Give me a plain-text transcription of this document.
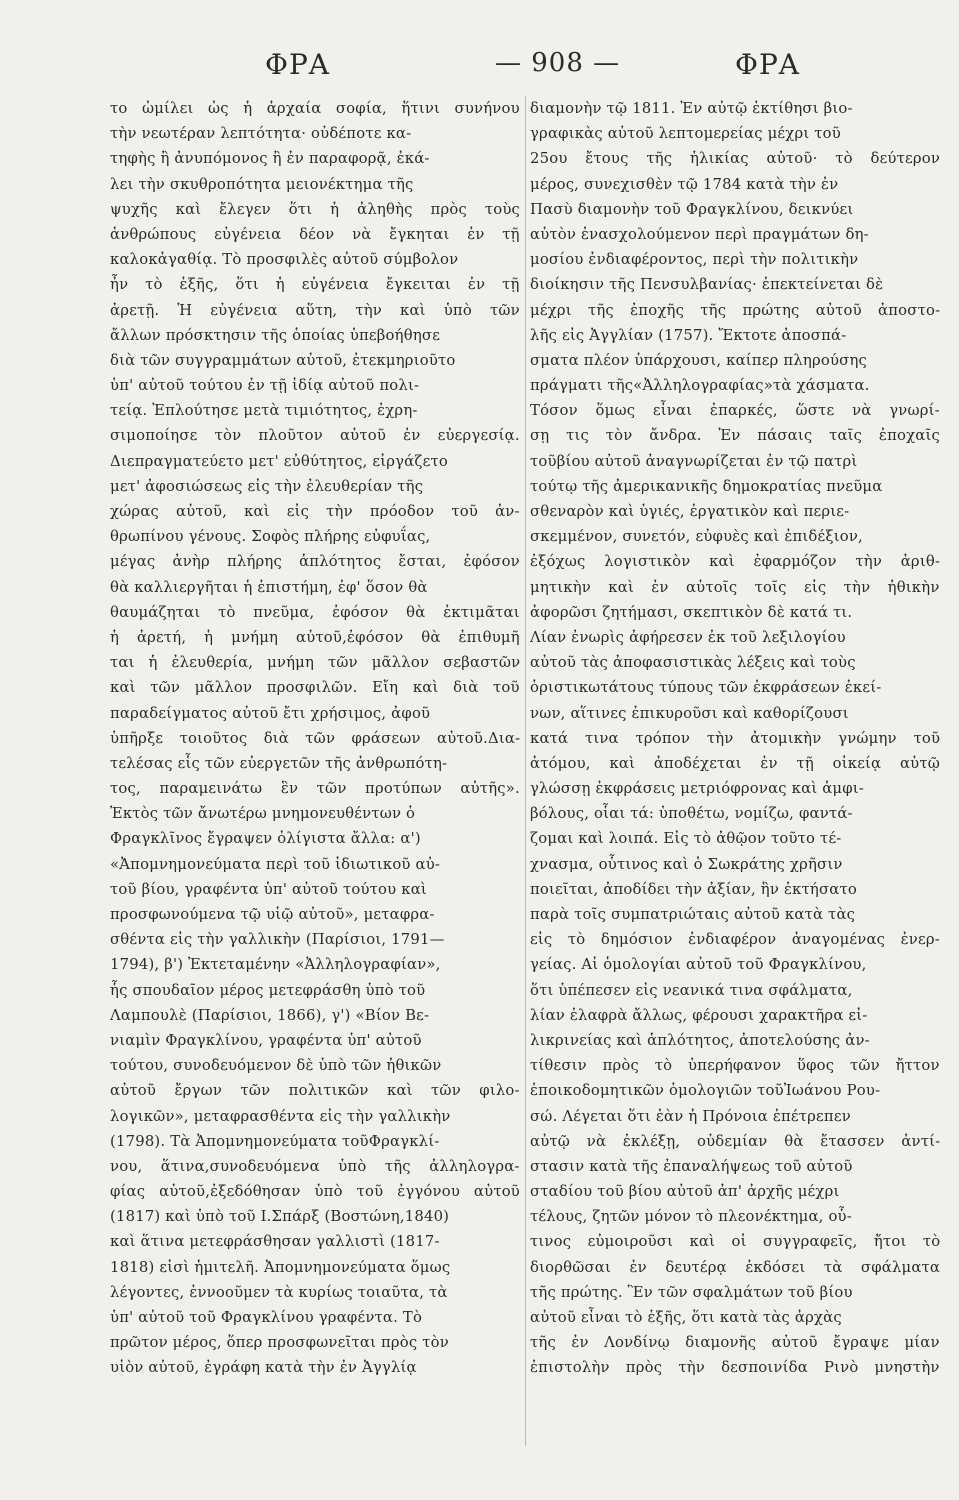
ΦΡΑ	— 908 —	ΦΡΑ
το ὡμίλει ὡς ἡ ἀρχαία σοφία, ἥτινι συνήνου
τὴν νεωτέραν λεπτότητα· οὐδέποτε κα-
τηφὴς ἢ ἀνυπόμονος ἢ ἐν παραφορᾷ, ἐκά-
λει τὴν σκυθροπότητα μειονέκτημα τῆς
ψυχῆς καὶ ἔλεγεν ὅτι ἡ ἀληθὴς πρὸς τοὺς
ἀνθρώπους εὐγένεια δέον νὰ ἔγκηται ἐν τῇ
καλοκἀγαθίᾳ. Τὸ προσφιλὲς αὐτοῦ σύμβολον
ἦν τὸ ἑξῆς, ὅτι ἡ εὐγένεια ἔγκειται ἐν τῇ
ἀρετῇ. Ἡ εὐγένεια αὕτη, τὴν καὶ ὑπὸ τῶν
ἄλλων πρόσκτησιν τῆς ὁποίας ὑπεβοήθησε
διὰ τῶν συγγραμμάτων αὐτοῦ, ἐτεκμηριοῦτο
ὑπ' αὐτοῦ τούτου ἐν τῇ ἰδίᾳ αὐτοῦ πολι-
τείᾳ. Ἐπλούτησε μετὰ τιμιότητος, ἐχρη-
σιμοποίησε τὸν πλοῦτον αὐτοῦ ἐν εὐεργεσίᾳ.
Διεπραγματεύετο μετ' εὐθύτητος, εἰργάζετο
μετ' ἀφοσιώσεως εἰς τὴν ἐλευθερίαν τῆς
χώρας αὐτοῦ, καὶ εἰς τὴν πρόοδον τοῦ ἀν-
θρωπίνου γένους. Σοφὸς πλήρης εὐφυΐας,
μέγας ἀνὴρ πλήρης ἁπλότητος ἔσται, ἐφόσον
θὰ καλλιεργῆται ἡ ἐπιστήμη, ἐφ' ὅσον θὰ
θαυμάζηται τὸ πνεῦμα, ἐφόσον θὰ ἐκτιμᾶται
ἡ ἀρετή, ἡ μνήμη αὐτοῦ,ἐφόσον θὰ ἐπιθυμῆ
ται ἡ ἐλευθερία, μνήμη τῶν μᾶλλον σεβαστῶν
καὶ τῶν μᾶλλον προσφιλῶν. Εἴη καὶ διὰ τοῦ
παραδείγματος αὐτοῦ ἔτι χρήσιμος, ἀφοῦ
ὑπῆρξε τοιοῦτος διὰ τῶν φράσεων αὐτοῦ.Δια-
τελέσας εἷς τῶν εὐεργετῶν τῆς ἀνθρωπότη-
τος, παραμεινάτω ἓν τῶν προτύπων αὐτῆς».
Ἐκτὸς τῶν ἄνωτέρω μνημονευθέντων ὁ
Φραγκλῖνος ἔγραψεν ὀλίγιστα ἄλλα: α')
«Ἀπομνημονεύματα περὶ τοῦ ἰδιωτικοῦ αὐ-
τοῦ βίου, γραφέντα ὑπ' αὐτοῦ τούτου καὶ
προσφωνούμενα τῷ υἱῷ αὐτοῦ», μεταφρα-
σθέντα εἰς τὴν γαλλικὴν (Παρίσιοι, 1791—
1794), β') Ἐκτεταμένην «Ἀλληλογραφίαν»,
ἧς σπουδαῖον μέρος μετεφράσθη ὑπὸ τοῦ
Λαμπουλὲ (Παρίσιοι, 1866), γ') «Βίον Βε-
νιαμὶν Φραγκλίνου, γραφέντα ὑπ' αὐτοῦ
τούτου, συνοδευόμενον δὲ ὑπὸ τῶν ἠθικῶν
αὐτοῦ ἔργων τῶν πολιτικῶν καὶ τῶν φιλο-
λογικῶν», μεταφρασθέντα εἰς τὴν γαλλικὴν
(1798). Τὰ Ἀπομνημονεύματα τοῦΦραγκλί-
νου, ἅτινα,συνοδευόμενα ὑπὸ τῆς ἀλληλογρα-
φίας αὐτοῦ,ἐξεδόθησαν ὑπὸ τοῦ ἐγγόνου αὐτοῦ
(1817) καὶ ὑπὸ τοῦ Ι.Σπάρξ (Βοστώνη,1840)
καὶ ἅτινα μετεφράσθησαν γαλλιστὶ (1817-
1818) εἰσὶ ἡμιτελῆ. Ἀπομνημονεύματα ὅμως
λέγοντες, ἐννοοῦμεν τὰ κυρίως τοιαῦτα, τὰ
ὑπ' αὐτοῦ τοῦ Φραγκλίνου γραφέντα. Τὸ
πρῶτον μέρος, ὅπερ προσφωνεῖται πρὸς τὸν
υἱὸν αὐτοῦ, ἐγράφη κατὰ τὴν ἐν Ἀγγλίᾳ
διαμονὴν τῷ 1811. Ἐν αὐτῷ ἐκτίθησι βιο-
γραφικὰς αὐτοῦ λεπτομερείας μέχρι τοῦ
25ου ἔτους τῆς ἡλικίας αὐτοῦ· τὸ δεύτερον
μέρος, συνεχισθὲν τῷ 1784 κατὰ τὴν ἐν
Πασὺ διαμονὴν τοῦ Φραγκλίνου, δεικνύει
αὐτὸν ἐνασχολούμενον περὶ πραγμάτων δη-
μοσίου ἐνδιαφέροντος, περὶ τὴν πολιτικὴν
διοίκησιν τῆς Πενσυλβανίας· ἐπεκτείνεται δὲ
μέχρι τῆς ἐποχῆς τῆς πρώτης αὐτοῦ ἀποστο-
λῆς εἰς Ἀγγλίαν (1757). Ἔκτοτε ἀποσπά-
σματα πλέον ὑπάρχουσι, καίπερ πληρούσης
πράγματι τῆς«Ἀλληλογραφίας»τὰ χάσματα.
Τόσον ὅμως εἶναι ἐπαρκές, ὥστε νὰ γνωρί-
σῃ τις τὸν ἄνδρα. Ἐν πάσαις ταῖς ἐποχαῖς
τοῦβίου αὐτοῦ ἀναγνωρίζεται ἐν τῷ πατρὶ
τούτῳ τῆς ἀμερικανικῆς δημοκρατίας πνεῦμα
σθεναρὸν καὶ ὑγιές, ἐργατικὸν καὶ περιε-
σκεμμένον, συνετόν, εὐφυὲς καὶ ἐπιδέξιον,
ἐξόχως λογιστικὸν καὶ ἐφαρμόζον τὴν ἀριθ-
μητικὴν καὶ ἐν αὐτοῖς τοῖς εἰς τὴν ἠθικὴν
ἀφορῶσι ζητήμασι, σκεπτικὸν δὲ κατά τι.
Λίαν ἐνωρὶς ἀφήρεσεν ἐκ τοῦ λεξιλογίου
αὐτοῦ τὰς ἀποφασιστικὰς λέξεις καὶ τοὺς
ὁριστικωτάτους τύπους τῶν ἐκφράσεων ἐκεί-
νων, αἵτινες ἐπικυροῦσι καὶ καθορίζουσι
κατά τινα τρόπον τὴν ἀτομικὴν γνώμην τοῦ
ἀτόμου, καὶ ἀποδέχεται ἐν τῇ οἰκείᾳ αὐτῷ
γλώσσῃ ἐκφράσεις μετριόφρονας καὶ ἀμφι-
βόλους, οἷαι τά: ὑποθέτω, νομίζω, φαντά-
ζομαι καὶ λοιπά. Εἰς τὸ ἀθῷον τοῦτο τέ-
χνασμα, οὗτινος καὶ ὁ Σωκράτης χρῆσιν
ποιεῖται, ἀποδίδει τὴν ἀξίαν, ἣν ἐκτήσατο
παρὰ τοῖς συμπατριώταις αὐτοῦ κατὰ τὰς
εἰς τὸ δημόσιον ἐνδιαφέρον ἀναγομένας ἐνερ-
γείας. Αἱ ὁμολογίαι αὐτοῦ τοῦ Φραγκλίνου,
ὅτι ὑπέπεσεν εἰς νεανικά τινα σφάλματα,
λίαν ἐλαφρὰ ἄλλως, φέρουσι χαρακτῆρα εἰ-
λικρινείας καὶ ἁπλότητος, ἀποτελούσης ἀν-
τίθεσιν πρὸς τὸ ὑπερήφανον ὕφος τῶν ἤττον
ἐποικοδομητικῶν ὁμολογιῶν τοῦἸωάνου Ρου-
σώ. Λέγεται ὅτι ἐὰν ἡ Πρόνοια ἐπέτρεπεν
αὐτῷ νὰ ἐκλέξῃ, οὐδεμίαν θὰ ἔτασσεν ἀντί-
στασιν κατὰ τῆς ἐπαναλήψεως τοῦ αὐτοῦ
σταδίου τοῦ βίου αὐτοῦ ἀπ' ἀρχῆς μέχρι
τέλους, ζητῶν μόνον τὸ πλεονέκτημα, οὗ-
τινος εὐμοιροῦσι καὶ οἱ συγγραφεῖς, ἤτοι τὸ
διορθῶσαι ἐν δευτέρᾳ ἐκδόσει τὰ σφάλματα
τῆς πρώτης. Ἓν τῶν σφαλμάτων τοῦ βίου
αὐτοῦ εἶναι τὸ ἑξῆς, ὅτι κατὰ τὰς ἀρχὰς
τῆς ἐν Λονδίνῳ διαμονῆς αὐτοῦ ἔγραψε μίαν
ἐπιστολὴν πρὸς τὴν δεσποινίδα Ρινὸ μνηστὴν
